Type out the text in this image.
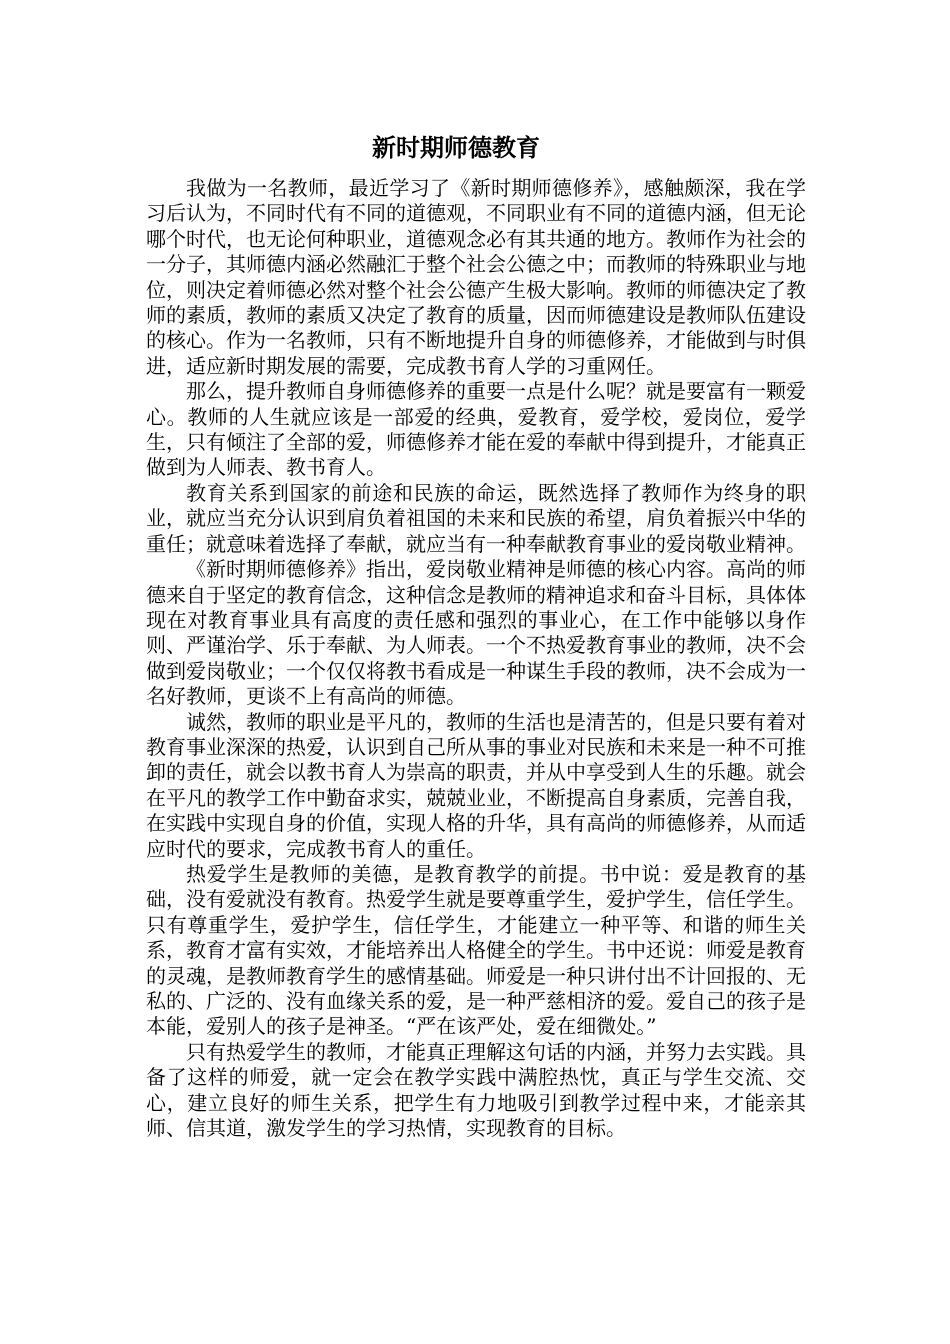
新时期师德教育

我做为一名教师，最近学习了《新时期师德修养》，感触颇深，我在学习后认为，不同时代有不同的道德观，不同职业有不同的道德内涵，但无论哪个时代，也无论何种职业，道德观念必有其共通的地方。教师作为社会的一分子，其师德内涵必然融汇于整个社会公德之中；而教师的特殊职业与地位，则决定着师德必然对整个社会公德产生极大影响。教师的师德决定了教师的素质，教师的素质又决定了教育的质量，因而师德建设是教师队伍建设的核心。作为一名教师，只有不断地提升自身的师德修养，才能做到与时俱进，适应新时期发展的需要，完成教书育人学的习重网任。

那么，提升教师自身师德修养的重要一点是什么呢？就是要富有一颗爱心。教师的人生就应该是一部爱的经典，爱教育，爱学校，爱岗位，爱学生，只有倾注了全部的爱，师德修养才能在爱的奉献中得到提升，才能真正做到为人师表、教书育人。

教育关系到国家的前途和民族的命运，既然选择了教师作为终身的职业，就应当充分认识到肩负着祖国的未来和民族的希望，肩负着振兴中华的重任；就意味着选择了奉献，就应当有一种奉献教育事业的爱岗敬业精神。

《新时期师德修养》指出，爱岗敬业精神是师德的核心内容。高尚的师德来自于坚定的教育信念，这种信念是教师的精神追求和奋斗目标，具体体现在对教育事业具有高度的责任感和强烈的事业心，在工作中能够以身作则、严谨治学、乐于奉献、为人师表。一个不热爱教育事业的教师，决不会做到爱岗敬业；一个仅仅将教书看成是一种谋生手段的教师，决不会成为一名好教师，更谈不上有高尚的师德。

诚然，教师的职业是平凡的，教师的生活也是清苦的，但是只要有着对教育事业深深的热爱，认识到自己所从事的事业对民族和未来是一种不可推卸的责任，就会以教书育人为崇高的职责，并从中享受到人生的乐趣。就会在平凡的教学工作中勤奋求实，兢兢业业，不断提高自身素质，完善自我，在实践中实现自身的价值，实现人格的升华，具有高尚的师德修养，从而适应时代的要求，完成教书育人的重任。

热爱学生是教师的美德，是教育教学的前提。书中说：爱是教育的基础，没有爱就没有教育。热爱学生就是要尊重学生，爱护学生，信任学生。只有尊重学生，爱护学生，信任学生，才能建立一种平等、和谐的师生关系，教育才富有实效，才能培养出人格健全的学生。书中还说：师爱是教育的灵魂，是教师教育学生的感情基础。师爱是一种只讲付出不计回报的、无私的、广泛的、没有血缘关系的爱，是一种严慈相济的爱。爱自己的孩子是本能，爱别人的孩子是神圣。“严在该严处，爱在细微处。”

只有热爱学生的教师，才能真正理解这句话的内涵，并努力去实践。具备了这样的师爱，就一定会在教学实践中满腔热忱，真正与学生交流、交心，建立良好的师生关系，把学生有力地吸引到教学过程中来，才能亲其师、信其道，激发学生的学习热情，实现教育的目标。
